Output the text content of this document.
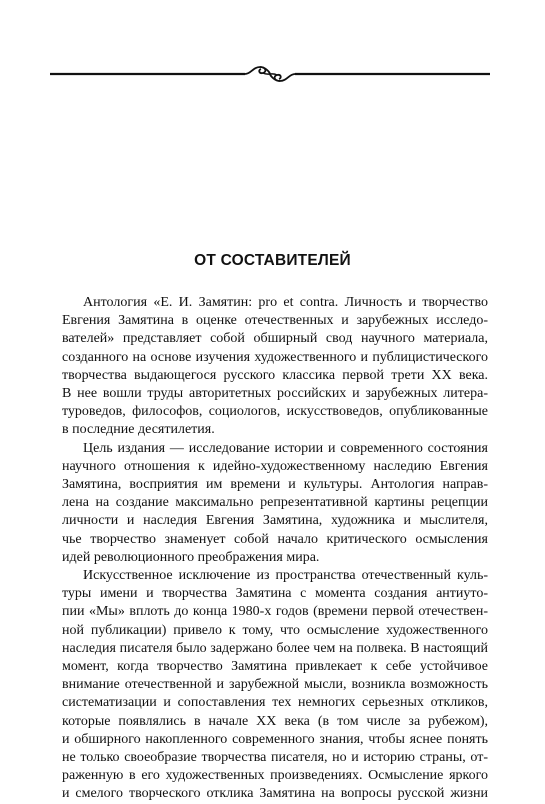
ОТ СОСТАВИТЕЛЕЙ

Антология «Е. И. Замятин: pro et contra. Личность и творчество
Евгения Замятина в оценке отечественных и зарубежных исследо-
вателей» представляет собой обширный свод научного материала,
созданного на основе изучения художественного и публицистического
творчества выдающегося русского классика первой трети XX века.
В нее вошли труды авторитетных российских и зарубежных литера-
туроведов, философов, социологов, искусствоведов, опубликованные
в последние десятилетия.

Цель издания — исследование истории и современного состояния
научного отношения к идейно-художественному наследию Евгения
Замятина, восприятия им времени и культуры. Антология направ-
лена на создание максимально репрезентативной картины рецепции
личности и наследия Евгения Замятина, художника и мыслителя,
чье творчество знаменует собой начало критического осмысления
идей революционного преображения мира.

Искусственное исключение из пространства отечественный куль-
туры имени и творчества Замятина с момента создания антиуто-
пии «Мы» вплоть до конца 1980-х годов (времени первой отечествен-
ной публикации) привело к тому, что осмысление художественного
наследия писателя было задержано более чем на полвека. В настоящий
момент, когда творчество Замятина привлекает к себе устойчивое
внимание отечественной и зарубежной мысли, возникла возможность
систематизации и сопоставления тех немногих серьезных откликов,
которые появлялись в начале XX века (в том числе за рубежом),
и обширного накопленного современного знания, чтобы яснее понять
не только своеобразие творчества писателя, но и историю страны, от-
раженную в его художественных произведениях. Осмысление яркого
и смелого творческого отклика Замятина на вопросы русской жизни
